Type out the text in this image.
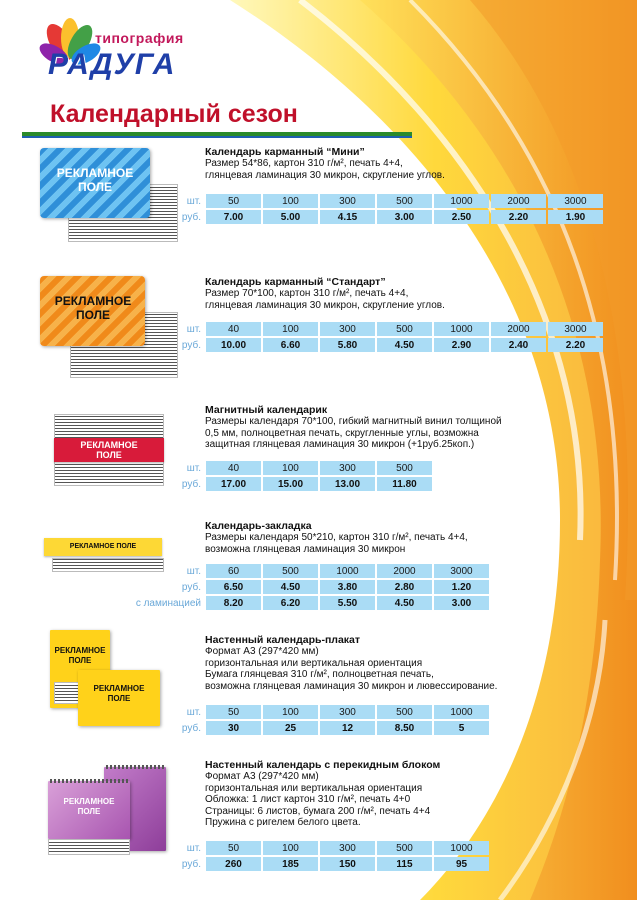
типография
РАДУГА
Календарный сезон
РЕКЛАМНОЕ ПОЛЕ
Календарь карманный “Мини”

Размер 54*86, картон 310 г/м², печать 4+4,
глянцевая ламинация 30 микрон, скругление углов.

шт.	50	100	300	500	1000	2000	3000
руб.	7.00	5.00	4.15	3.00	2.50	2.20	1.90
РЕКЛАМНОЕ ПОЛЕ
Календарь карманный “Стандарт”

Размер 70*100, картон 310 г/м², печать 4+4,
глянцевая ламинация 30 микрон, скругление углов.

шт.	40	100	300	500	1000	2000	3000
руб.	10.00	6.60	5.80	4.50	2.90	2.40	2.20
РЕКЛАМНОЕ ПОЛЕ
Магнитный календарик

Размеры календаря 70*100, гибкий магнитный винил толщиной
0,5 мм, полноцветная печать, скругленные углы, возможна
защитная глянцевая ламинация 30 микрон (+1руб.25коп.)

шт.	40	100	300	500
руб.	17.00	15.00	13.00	11.80
РЕКЛАМНОЕ ПОЛЕ
Календарь-закладка

Размеры календаря 50*210, картон 310 г/м², печать 4+4,
возможна глянцевая ламинация 30 микрон

шт.	60	500	1000	2000	3000
руб.	6.50	4.50	3.80	2.80	1.20
с ламинацией	8.20	6.20	5.50	4.50	3.00
РЕКЛАМНОЕ ПОЛЕ
РЕКЛАМНОЕ ПОЛЕ
Настенный календарь-плакат

Формат А3 (297*420 мм)
горизонтальная или вертикальная ориентация
Бумага глянцевая 310 г/м², полноцветная печать,
возможна глянцевая ламинация 30 микрон и лювессирование.

шт.	50	100	300	500	1000
руб.	30	25	12	8.50	5
РЕКЛАМНОЕ ПОЛЕ
Настенный календарь с перекидным блоком

Формат А3 (297*420 мм)
горизонтальная или вертикальная ориентация
Обложка: 1 лист картон 310 г/м², печать 4+0
Страницы: 6 листов, бумага 200 г/м², печать 4+4
Пружина с ригелем белого цвета.

шт.	50	100	300	500	1000
руб.	260	185	150	115	95
